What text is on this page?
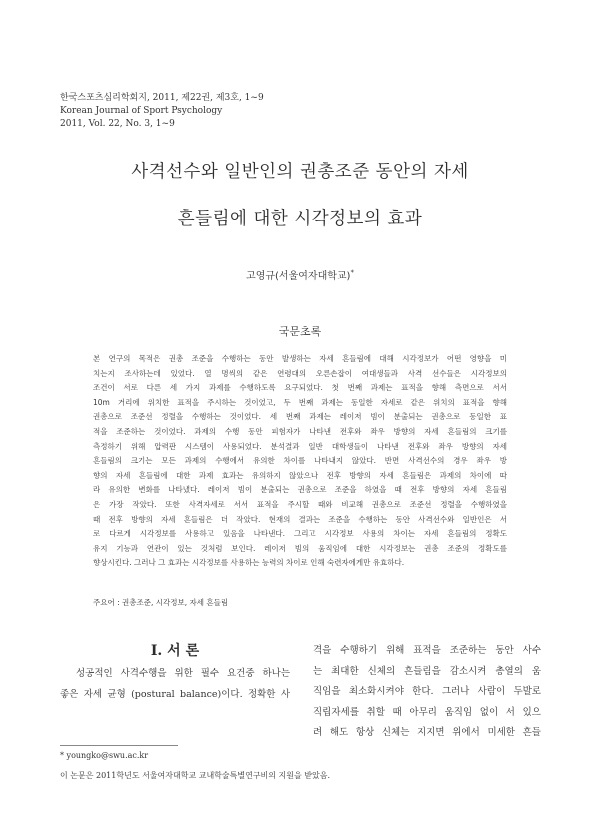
한국스포츠심리학회지, 2011, 제22권, 제3호, 1~9
Korean Journal of Sport Psychology
2011, Vol. 22, No. 3, 1~9
사격선수와 일반인의 권총조준 동안의 자세
흔들림에 대한 시각정보의 효과
고영규(서울여자대학교)*
국문초록
본 연구의 목적은 권총 조준을 수행하는 동안 발생하는 자세 흔들림에 대해 시각정보가 어떤 영향을 미
치는지 조사하는데 있었다. 열 명씩의 같은 연령대의 오른손잡이 여대생들과 사격 선수들은 시각정보의
조건이 서로 다른 세 가지 과제를 수행하도록 요구되었다. 첫 번째 과제는 표적을 향해 측면으로 서서
10m 거리에 위치한 표적을 주시하는 것이었고, 두 번째 과제는 동일한 자세로 같은 위치의 표적을 향해
권총으로 조준선 정렬을 수행하는 것이었다. 세 번째 과제는 레이저 빔이 분출되는 권총으로 동일한 표
적을 조준하는 것이었다. 과제의 수행 동안 피험자가 나타낸 전후와 좌우 방향의 자세 흔들림의 크기를
측정하기 위해 압력판 시스템이 사용되었다. 분석결과 일반 대학생들이 나타낸 전후와 좌우 방향의 자세
흔들림의 크기는 모든 과제의 수행에서 유의한 차이를 나타내지 않았다. 반면 사격선수의 경우 좌우 방
향의 자세 흔들림에 대한 과제 효과는 유의하지 않았으나 전후 방향의 자세 흔들림은 과제의 차이에 따
라 유의한 변화를 나타냈다. 레이저 빔이 분출되는 권총으로 조준을 하였을 때 전후 방향의 자세 흔들림
은 가장 작았다. 또한 사격자세로 서서 표적을 주시할 때와 비교해 권총으로 조준선 정렬을 수행하였을
때 전후 방향의 자세 흔들림은 더 작았다. 현재의 결과는 조준을 수행하는 동안 사격선수와 일반인은 서
로 다르게 시각정보를 사용하고 있음을 나타낸다. 그리고 시각정보 사용의 차이는 자세 흔들림의 정확도
유지 기능과 연관이 있는 것처럼 보인다. 레이저 빔의 움직임에 대한 시각정보는 권총 조준의 정확도를
향상시킨다. 그러나 그 효과는 시각정보를 사용하는 능력의 차이로 인해 숙련자에게만 유효하다.
주요어 : 권총조준, 시각정보, 자세 흔들림
I. 서 론
성공적인 사격수행을 위한 필수 요건중 하나는
좋은 자세 균형 (postural balance)이다. 정확한 사
격을 수행하기 위해 표적을 조준하는 동안 사수
는 최대한 신체의 흔들림을 감소시켜 총열의 움
직임을 최소화시켜야 한다. 그러나 사람이 두발로
직립자세를 취할 때 아무리 움직임 없이 서 있으
려 해도 항상 신체는 지지면 위에서 미세한 흔들
* youngko@swu.ac.kr
이 논문은 2011학년도 서울여자대학교 교내학술특별연구비의 지원을 받았음.
